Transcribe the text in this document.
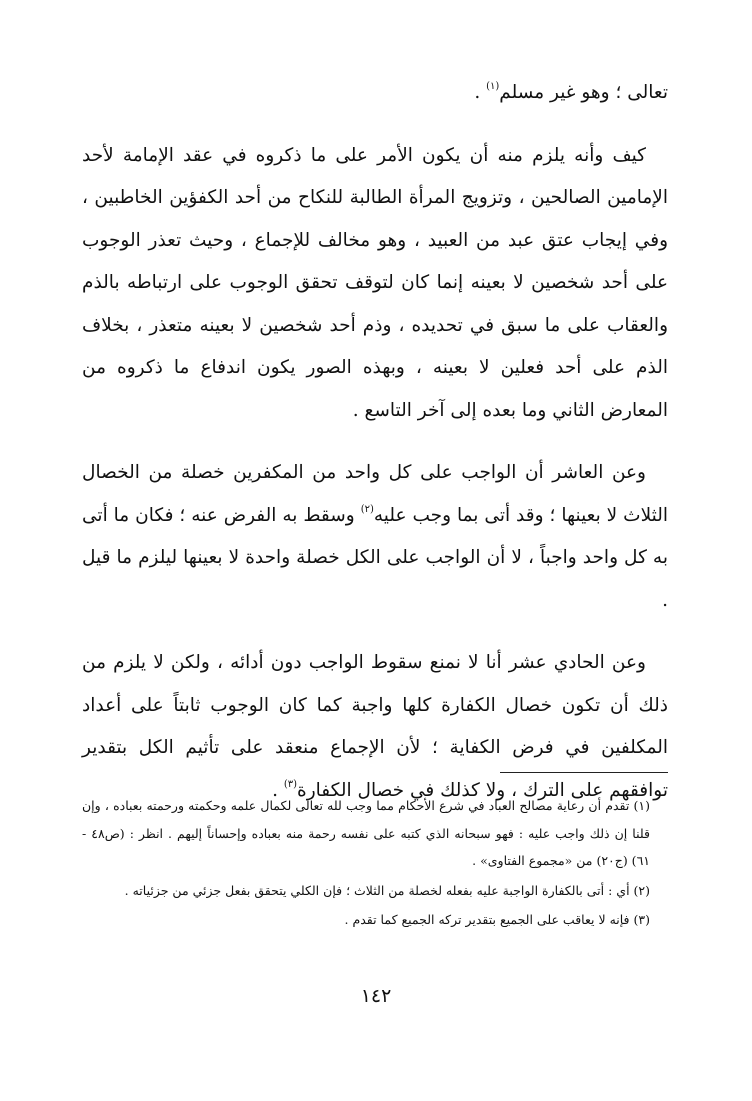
تعالى ؛ وهو غير مسلم$^{(١)}$ .

كيف وأنه يلزم منه أن يكون الأمر على ما ذكروه في عقد الإمامة لأحد الإمامين الصالحين ، وتزويج المرأة الطالبة للنكاح من أحد الكفؤين الخاطبين ، وفي إيجاب عتق عبد من العبيد ، وهو مخالف للإجماع ، وحيث تعذر الوجوب على أحد شخصين لا بعينه إنما كان لتوقف تحقق الوجوب على ارتباطه بالذم والعقاب على ما سبق في تحديده ، وذم أحد شخصين لا بعينه متعذر ، بخلاف الذم على أحد فعلين لا بعينه ، وبهذه الصور يكون اندفاع ما ذكروه من المعارض الثاني وما بعده إلى آخر التاسع .

وعن العاشر أن الواجب على كل واحد من المكفرين خصلة من الخصال الثلاث لا بعينها ؛ وقد أتى بما وجب عليه$^{(٢)}$ وسقط به الفرض عنه ؛ فكان ما أتى به كل واحد واجباً ، لا أن الواجب على الكل خصلة واحدة لا بعينها ليلزم ما قيل .

وعن الحادي عشر أنا لا نمنع سقوط الواجب دون أدائه ، ولكن لا يلزم من ذلك أن تكون خصال الكفارة كلها واجبة كما كان الوجوب ثابتاً على أعداد المكلفين في فرض الكفاية ؛ لأن الإجماع منعقد على تأثيم الكل بتقدير توافقهم على الترك ، ولا كذلك في خصال الكفارة$^{(٣)}$ .

(١) تقدم أن رعاية مصالح العباد في شرع الأحكام مما وجب لله تعالى لكمال علمه وحكمته ورحمته بعباده ، وإن قلنا إن ذلك واجب عليه : فهو سبحانه الذي كتبه على نفسه رحمة منه بعباده وإحساناً إليهم . انظر : (ص٤٨ - ٦١) (ج٢٠) من «مجموع الفتاوى» .

(٢) أي : أتى بالكفارة الواجبة عليه بفعله لخصلة من الثلاث ؛ فإن الكلي يتحقق بفعل جزئي من جزئياته .

(٣) فإنه لا يعاقب على الجميع بتقدير تركه الجميع كما تقدم .

١٤٢
